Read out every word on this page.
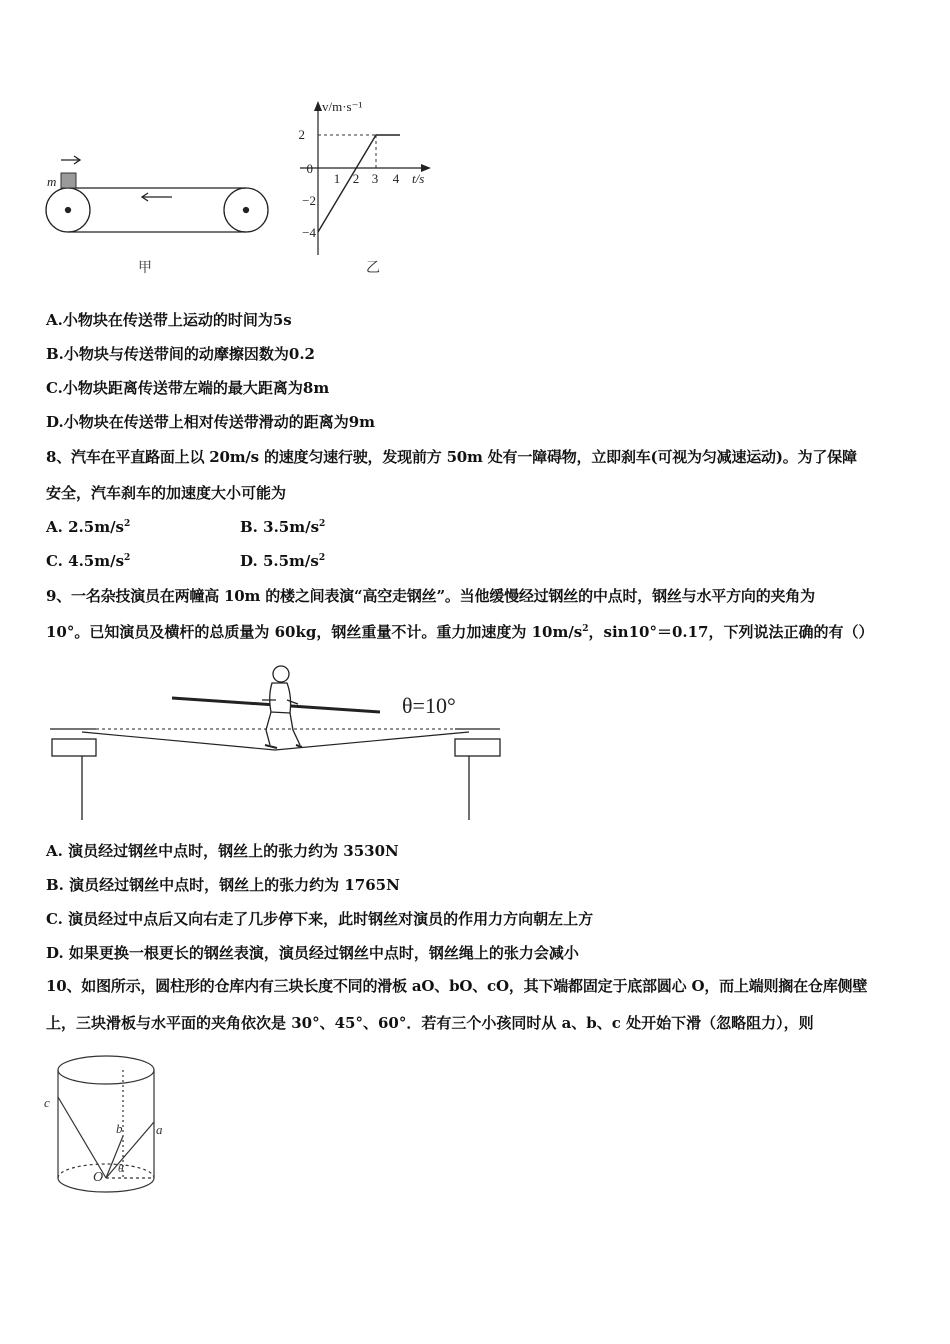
m
甲
v/m·s⁻¹
t/s
2
0
−2
−4
1 2 3 4
乙
A.小物块在传送带上运动的时间为5s
B.小物块与传送带间的动摩擦因数为0.2
C.小物块距离传送带左端的最大距离为8m
D.小物块在传送带上相对传送带滑动的距离为9m
8、汽车在平直路面上以 20m/s 的速度匀速行驶，发现前方 50m 处有一障碍物，立即刹车(可视为匀减速运动)。为了保障
安全，汽车刹车的加速度大小可能为
A. $2.5m/s^2$	B. $3.5m/s^2$
C. $4.5m/s^2$	D. $5.5m/s^2$
9、一名杂技演员在两幢高 10m 的楼之间表演“高空走钢丝”。当他缓慢经过钢丝的中点时，钢丝与水平方向的夹角为
10°。已知演员及横杆的总质量为 60kg，钢丝重量不计。重力加速度为 $10m/s^2$，sin10°＝0.17，下列说法正确的有（）
θ=10°
A. 演员经过钢丝中点时，钢丝上的张力约为 3530N
B. 演员经过钢丝中点时，钢丝上的张力约为 1765N
C. 演员经过中点后又向右走了几步停下来，此时钢丝对演员的作用力方向朝左上方
D. 如果更换一根更长的钢丝表演，演员经过钢丝中点时，钢丝绳上的张力会减小
10、如图所示，圆柱形的仓库内有三块长度不同的滑板 aO、bO、cO，其下端都固定于底部圆心 O，而上端则搁在仓库侧壁
上，三块滑板与水平面的夹角依次是 30°、45°、60°．若有三个小孩同时从 a、b、c 处开始下滑（忽略阻力），则
c
b	a
O
θ
